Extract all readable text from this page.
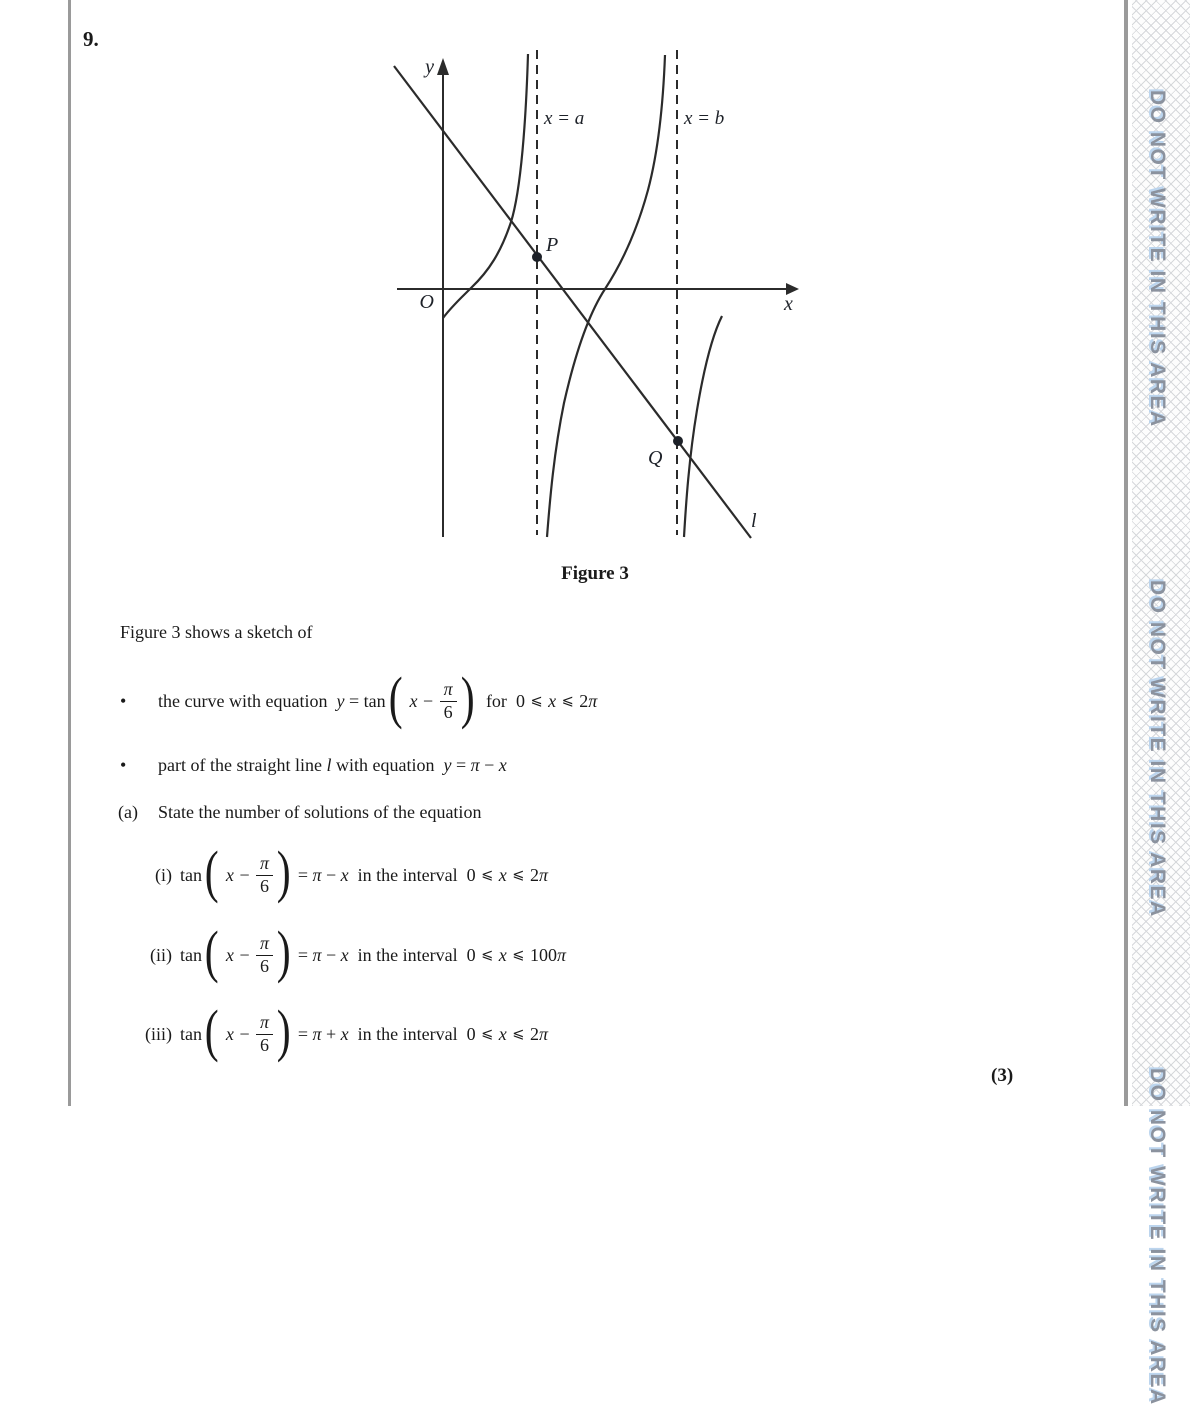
DO NOT WRITE IN THIS AREA
DO NOT WRITE IN THIS AREA
DO NOT WRITE IN THIS AREA
9.
y
x
O
x = a	x = b
P
Q
l
Figure 3
Figure 3 shows a sketch of
•	the curve with equation y = tan ( $x - \frac{\pi}{6}$ ) for 0 ⩽ x ⩽ 2 π
•	part of the straight line l with equation y = π − x
(a)	State the number of solutions of the equation
(i) tan ( $x - \frac{\pi}{6}$ ) = π − x in the interval 0 ⩽ x ⩽ 2 π
(ii) tan ( $x - \frac{\pi}{6}$ ) = π − x in the interval 0 ⩽ x ⩽ 100 π
(iii) tan ( $x - \frac{\pi}{6}$ ) = π + x in the interval 0 ⩽ x ⩽ 2 π
(3)
